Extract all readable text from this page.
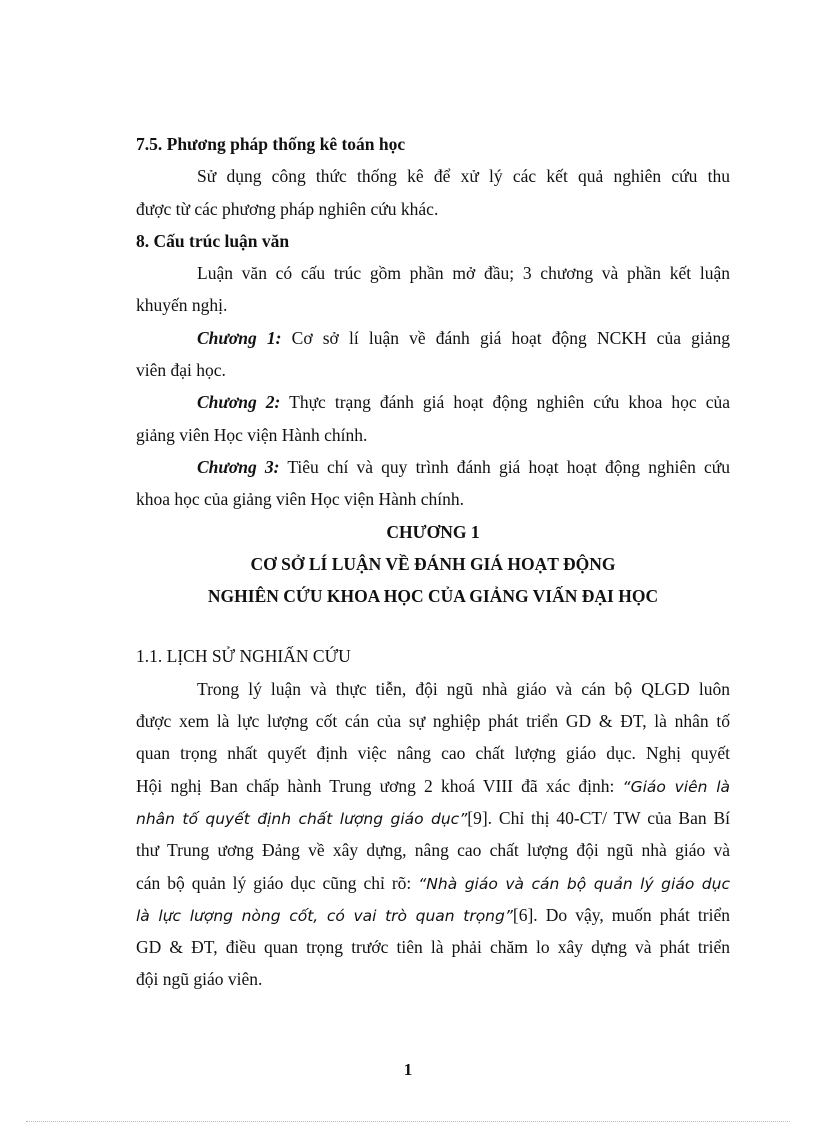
7.5. Phương pháp thống kê toán học
Sử dụng công thức thống kê để xử lý các kết quả nghiên cứu thu
được từ các phương pháp nghiên cứu khác.
8. Cấu trúc luận văn
Luận văn có cấu trúc gồm phần mở đầu; 3 chương và phần kết luận
khuyến nghị.
Chương 1: Cơ sở lí luận về đánh giá hoạt động NCKH của giảng
viên đại học.
Chương 2: Thực trạng đánh giá hoạt động nghiên cứu khoa học của
giảng viên Học viện Hành chính.
Chương 3: Tiêu chí và quy trình đánh giá hoạt hoạt động nghiên cứu
khoa học của giảng viên Học viện Hành chính.
CHƯƠNG 1
CƠ SỞ LÍ LUẬN VỀ ĐÁNH GIÁ HOẠT ĐỘNG
NGHIÊN CỨU KHOA HỌC CỦA GIẢNG VIẤN ĐẠI HỌC
1.1. LỊCH SỬ NGHIẤN CỨU
Trong lý luận và thực tiễn, đội ngũ nhà giáo và cán bộ QLGD luôn
được xem là lực lượng cốt cán của sự nghiệp phát triển GD & ĐT, là nhân tố
quan trọng nhất quyết định việc nâng cao chất lượng giáo dục. Nghị quyết
Hội nghị Ban chấp hành Trung ương 2 khoá VIII đã xác định: “Giáo viên là
nhân tố quyết định chất lượng giáo dục”[9]. Chỉ thị 40-CT/ TW của Ban Bí
thư Trung ương Đảng về xây dựng, nâng cao chất lượng đội ngũ nhà giáo và
cán bộ quản lý giáo dục cũng chỉ rõ: “Nhà giáo và cán bộ quản lý giáo dục
là lực lượng nòng cốt, có vai trò quan trọng”[6]. Do vậy, muốn phát triển
GD & ĐT, điều quan trọng trước tiên là phải chăm lo xây dựng và phát triển
đội ngũ giáo viên.
1
